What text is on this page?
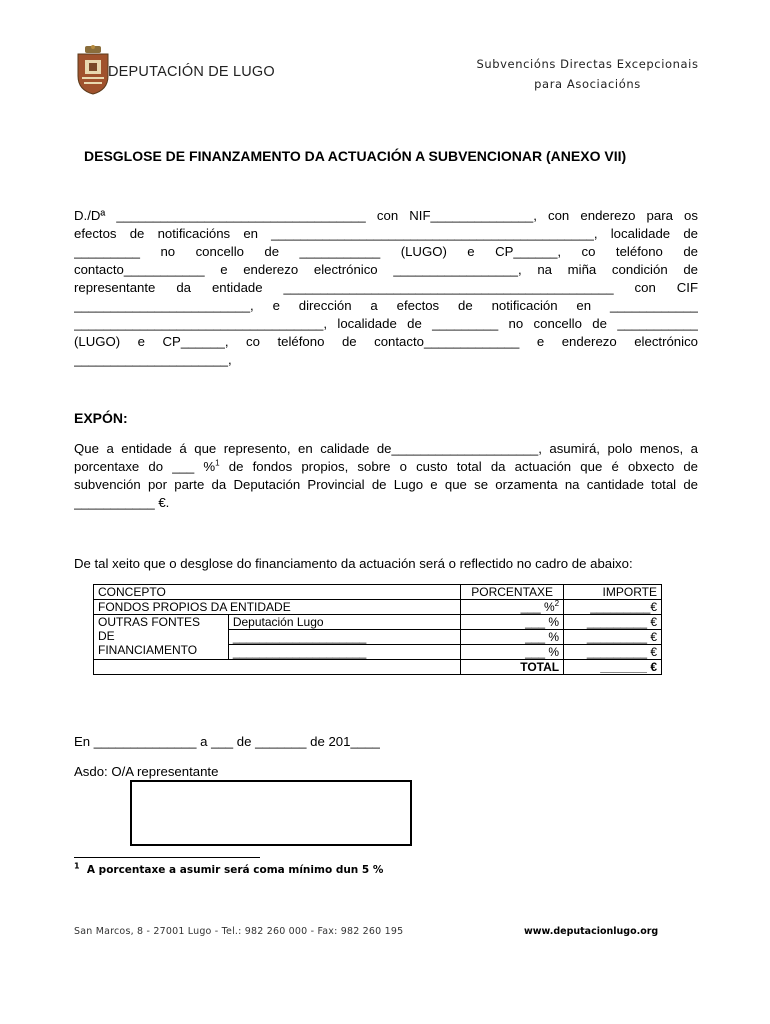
DEPUTACIÓN DE LUGO	Subvencións Directas Excepcionais
para Asociacións
DESGLOSE DE FINANZAMENTO DA ACTUACIÓN A SUBVENCIONAR (ANEXO VII)
D./Dª __________________________________ con NIF______________, con enderezo para os
efectos de notificacións en ____________________________________________, localidade de
_________ no concello de ___________ (LUGO) e CP______, co teléfono de
contacto___________ e enderezo electrónico _________________, na miña condición de
representante da entidade _____________________________________________ con CIF
________________________, e dirección a efectos de notificación en ____________
__________________________________, localidade de _________ no concello de ___________
(LUGO) e CP______, co teléfono de contacto_____________ e enderezo electrónico
_____________________,
EXPÓN:
Que a entidade á que represento, en calidade de____________________, asumirá, polo menos, a
porcentaxe do ___ %$^1$ de fondos propios, sobre o custo total da actuación que é obxecto de
subvención por parte da Deputación Provincial de Lugo e que se orzamenta na cantidade total de
___________ €.
De tal xeito que o desglose do financiamento da actuación será o reflectido no cadro de abaixo:
CONCEPTO		PORCENTAXE	IMPORTE
FONDOS PROPIOS DA ENTIDADE		___ %$^2$	_________€

OUTRAS FONTES
DE
FINANCIAMENTO	Deputación Lugo	___ %	_________ €
	____________________	___ %	_________ €
	____________________	___ %	_________ €
		TOTAL	_______ €
En ______________ a ___ de _______ de 201____
Asdo: O/A representante
$^1$ A porcentaxe a asumir será coma mínimo dun 5 %
San Marcos, 8 - 27001 Lugo - Tel.: 982 260 000 - Fax: 982 260 195	www.deputacionlugo.org
